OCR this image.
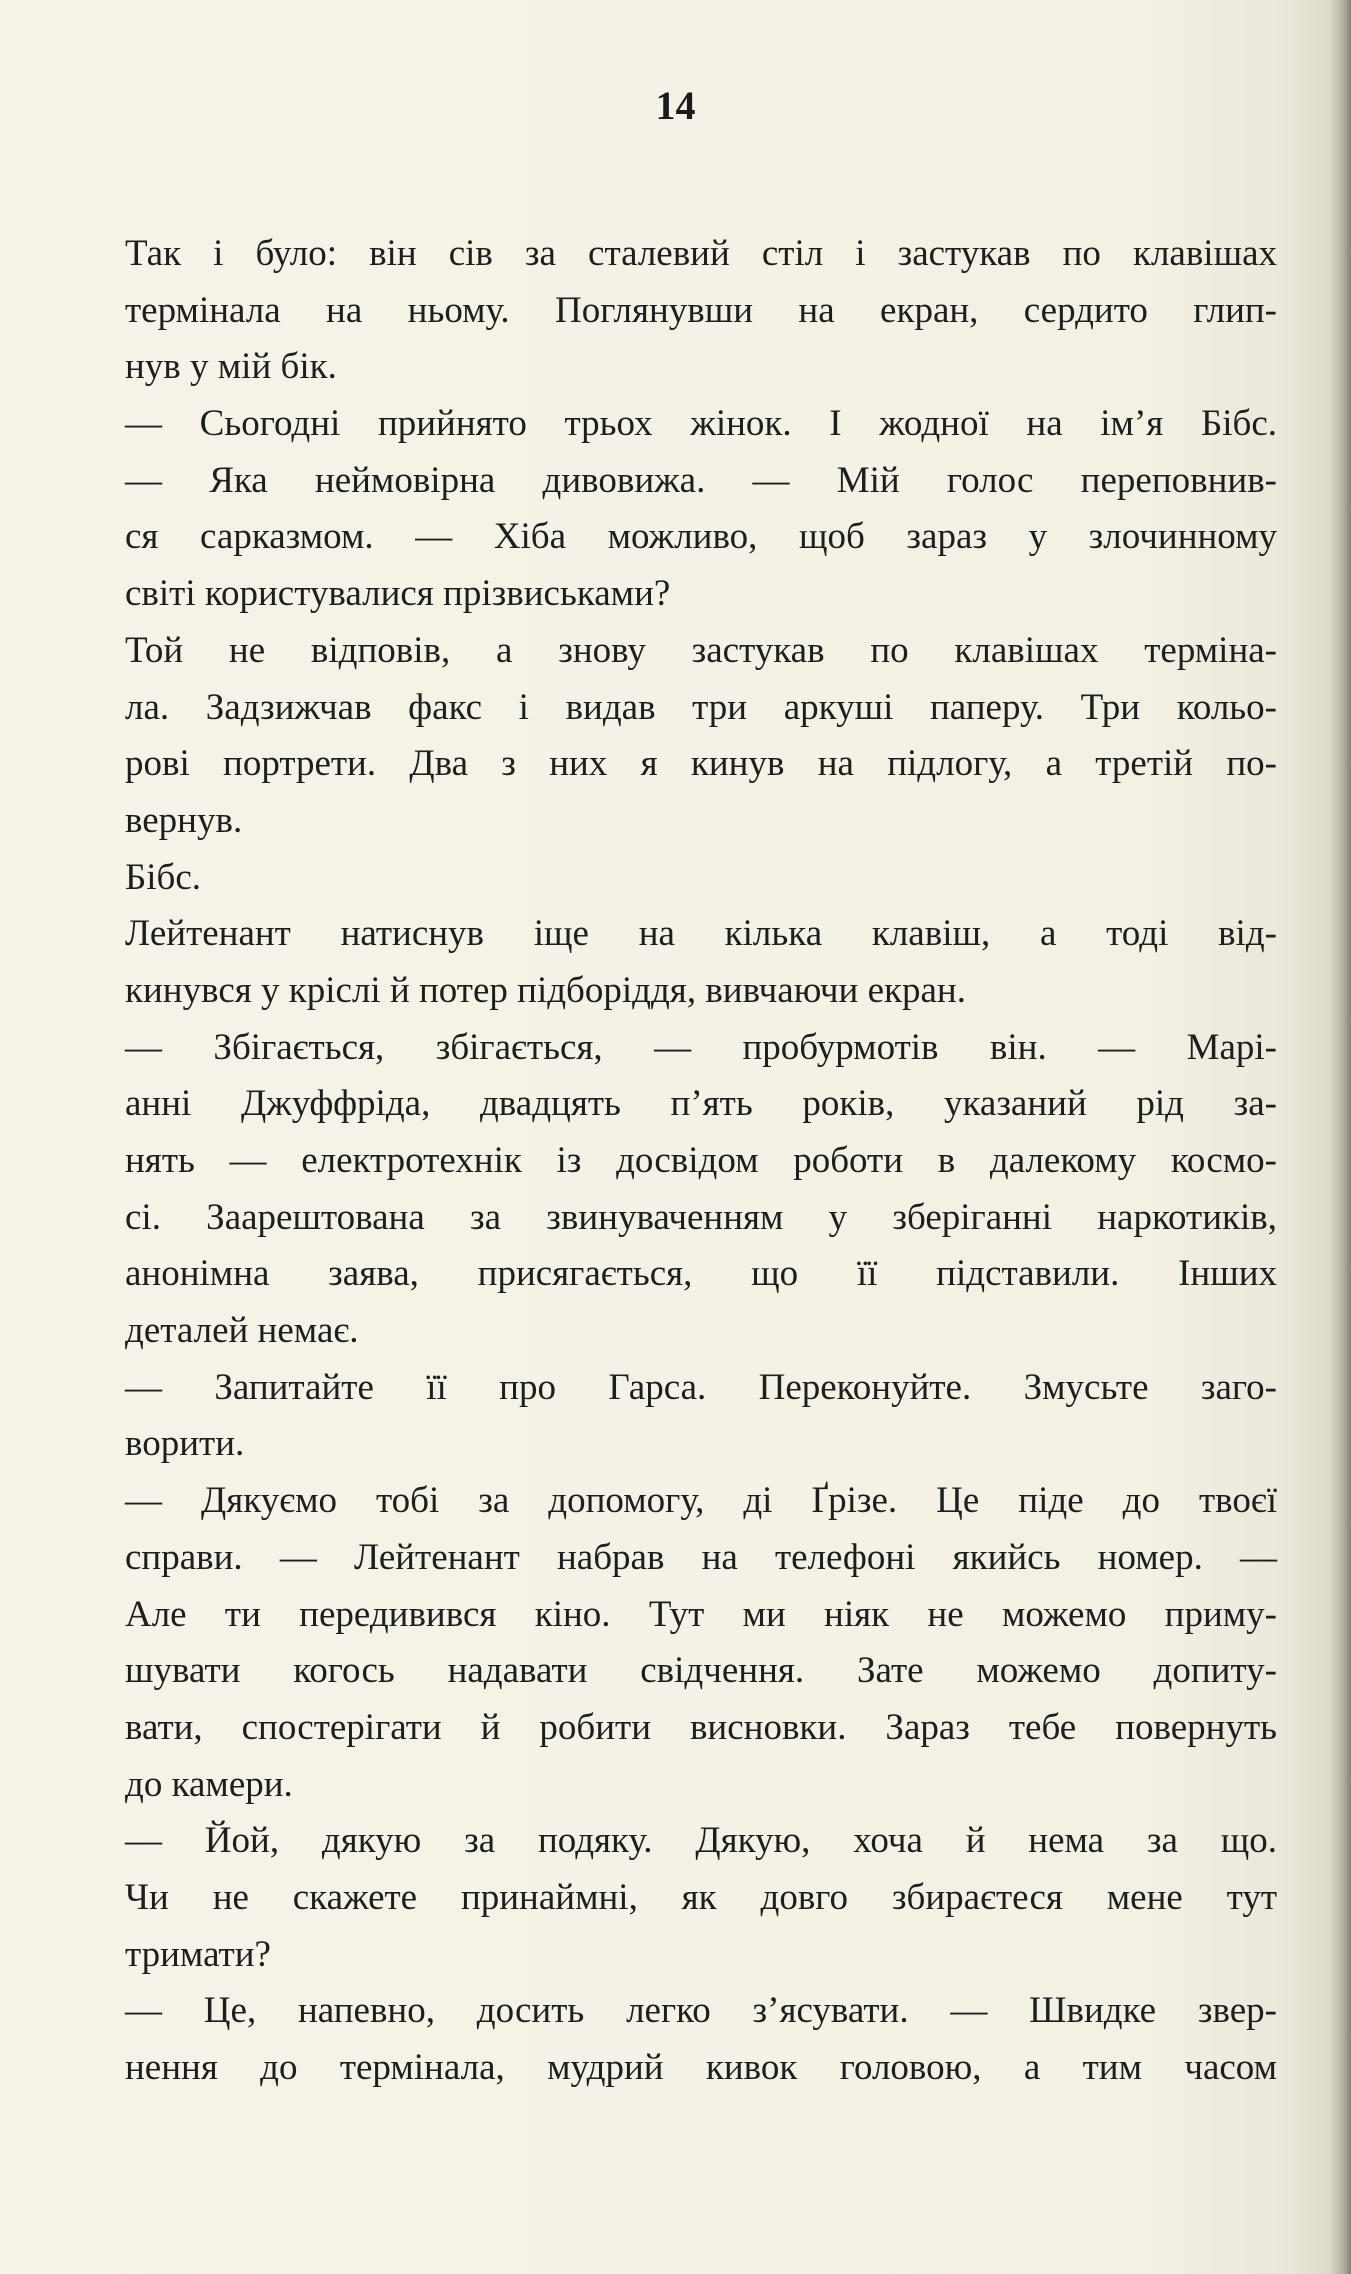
14
Так і було: він сів за сталевий стіл і застукав по клавішах
термінала на ньому. Поглянувши на екран, сердито глип-
нув у мій бік.
— Сьогодні прийнято трьох жінок. І жодної на ім’я Бібс.
— Яка неймовірна дивовижа. — Мій голос переповнив-
ся сарказмом. — Хіба можливо, щоб зараз у злочинному
світі користувалися прізвиськами?
Той не відповів, а знову застукав по клавішах терміна-
ла. Задзижчав факс і видав три аркуші паперу. Три кольо-
рові портрети. Два з них я кинув на підлогу, а третій по-
вернув.
Бібс.
Лейтенант натиснув іще на кілька клавіш, а тоді від-
кинувся у кріслі й потер підборіддя, вивчаючи екран.
— Збігається, збігається, — пробурмотів він. — Марі-
анні Джуффріда, двадцять п’ять років, указаний рід за-
нять — електротехнік із досвідом роботи в далекому космо-
сі. Заарештована за звинуваченням у зберіганні наркотиків,
анонімна заява, присягається, що її підставили. Інших
деталей немає.
— Запитайте її про Гарса. Переконуйте. Змусьте заго-
ворити.
— Дякуємо тобі за допомогу, ді Ґрізе. Це піде до твоєї
справи. — Лейтенант набрав на телефоні якийсь номер. —
Але ти передивився кіно. Тут ми ніяк не можемо приму-
шувати когось надавати свідчення. Зате можемо допиту-
вати, спостерігати й робити висновки. Зараз тебе повернуть
до камери.
— Йой, дякую за подяку. Дякую, хоча й нема за що.
Чи не скажете принаймні, як довго збираєтеся мене тут
тримати?
— Це, напевно, досить легко з’ясувати. — Швидке звер-
нення до термінала, мудрий кивок головою, а тим часом
